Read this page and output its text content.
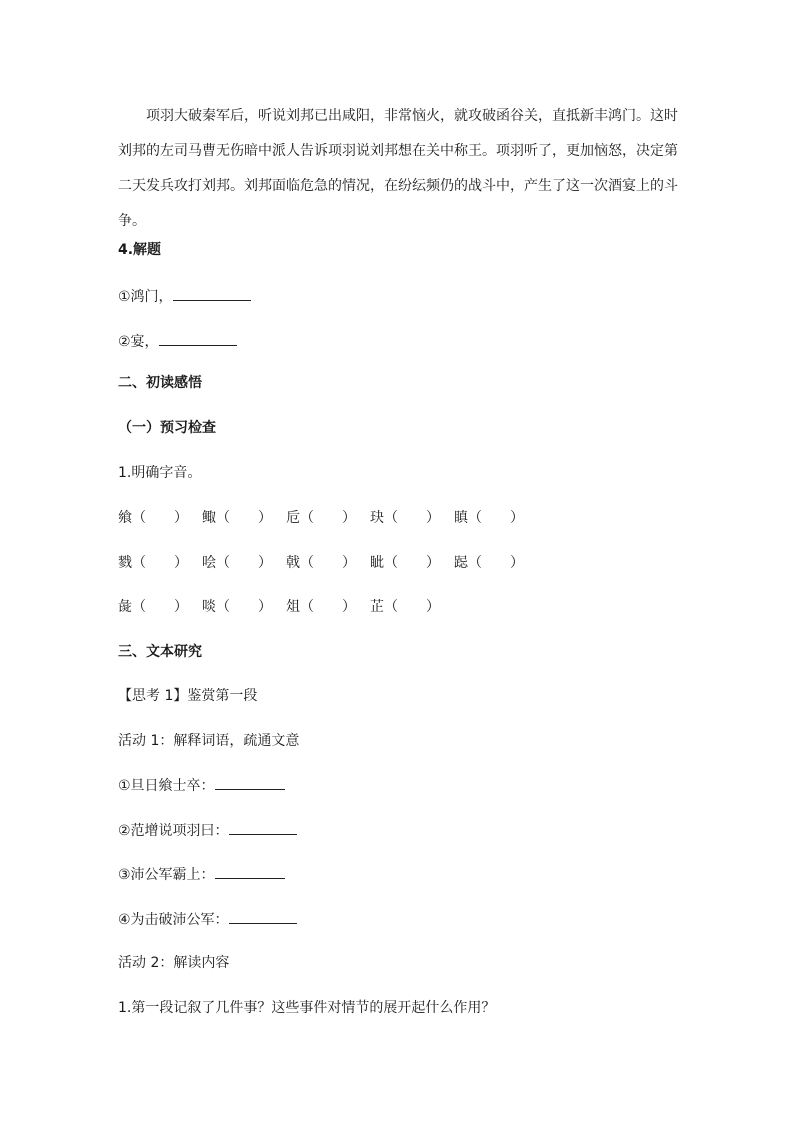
项羽大破秦军后，听说刘邦已出咸阳，非常恼火，就攻破函谷关，直抵新丰鸿门。这时刘邦的左司马曹无伤暗中派人告诉项羽说刘邦想在关中称王。项羽听了，更加恼怒，决定第二天发兵攻打刘邦。刘邦面临危急的情况，在纷纭频仍的战斗中，产生了这一次酒宴上的斗争。

4.解题
①鸿门，
②宴，
二、初读感悟
（一）预习检查
1.明确字音。
飨（　　） 鲰（　　） 卮（　　） 玦（　　） 瞋（　　）
戮（　　） 哙（　　） 戟（　　） 眦（　　） 跽（　　）
彘（　　） 啖（　　） 俎（　　） 芷（　　）
三、文本研究
【思考 1】鉴赏第一段
活动 1：解释词语，疏通文意
①旦日飨士卒：
②范增说项羽曰：
③沛公军霸上：
④为击破沛公军：
活动 2：解读内容
1.第一段记叙了几件事？这些事件对情节的展开起什么作用？
